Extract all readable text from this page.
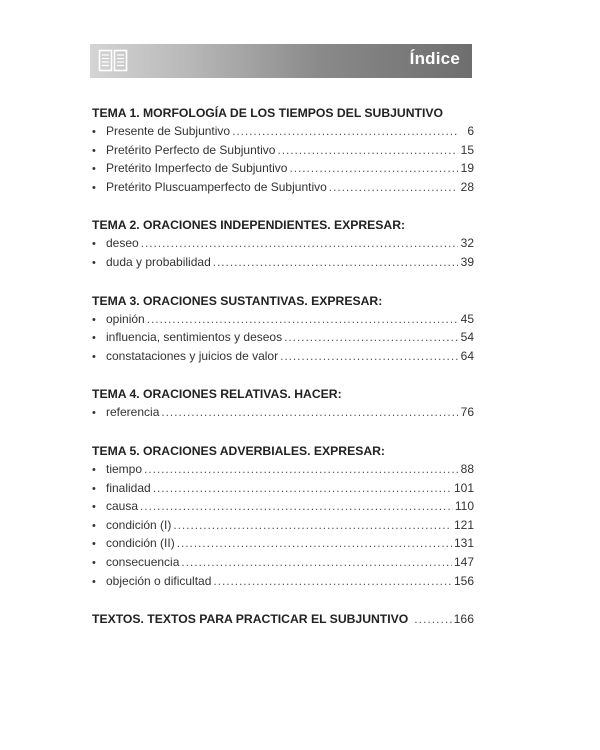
Índice
TEMA 1. MORFOLOGÍA DE LOS TIEMPOS DEL SUBJUNTIVO
• Presente de Subjuntivo . . .	6
• Pretérito Perfecto de Subjuntivo . . .	15
• Pretérito Imperfecto de Subjuntivo . . .	19
• Pretérito Pluscuamperfecto de Subjuntivo . . .	28
TEMA 2. ORACIONES INDEPENDIENTES. EXPRESAR:
• deseo . . .	32
• duda y probabilidad . . .	39
TEMA 3. ORACIONES SUSTANTIVAS. EXPRESAR:
• opinión . . .	45
• influencia, sentimientos y deseos . . .	54
• constataciones y juicios de valor . . .	64
TEMA 4. ORACIONES RELATIVAS. HACER:
• referencia . . .	76
TEMA 5. ORACIONES ADVERBIALES. EXPRESAR:
• tiempo . . .	88
• finalidad . . .	101
• causa . . .	110
• condición (I) . . .	121
• condición (II) . . .	131
• consecuencia . . .	147
• objeción o dificultad . . .	156
TEXTOS. TEXTOS PARA PRACTICAR EL SUBJUNTIVO . . .	166
